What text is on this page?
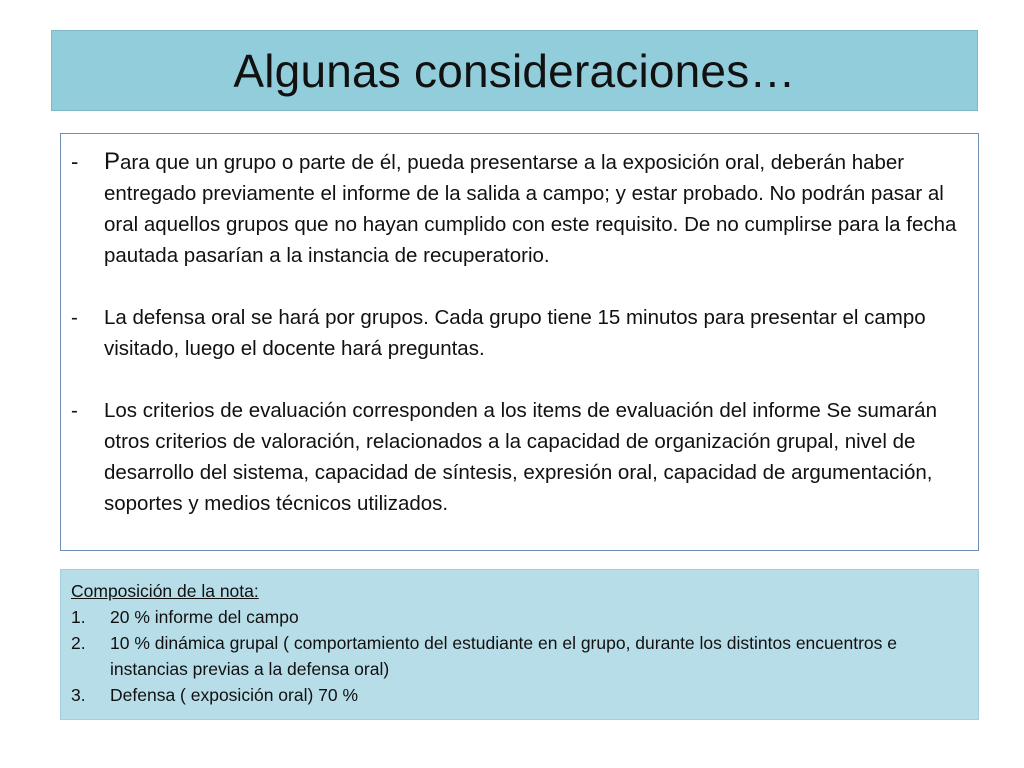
Algunas consideraciones…
-	Para que un grupo o parte de él, pueda presentarse a la exposición oral, deberán haber entregado previamente el informe de la salida a campo; y estar probado. No podrán pasar al oral aquellos grupos que no hayan cumplido con este requisito. De no cumplirse para la fecha pautada pasarían a la instancia de recuperatorio.
-	La defensa oral se hará por grupos. Cada grupo tiene 15 minutos para presentar el campo visitado, luego el docente hará preguntas.
-	Los criterios de evaluación corresponden a los items de evaluación del informe Se sumarán otros criterios de valoración, relacionados a la capacidad de organización grupal, nivel de desarrollo del sistema, capacidad de síntesis, expresión oral, capacidad de argumentación, soportes y medios técnicos utilizados.
Composición de la nota:
1. 20 % informe del campo
2. 10 % dinámica grupal ( comportamiento del estudiante en el grupo, durante los distintos encuentros e instancias previas a la defensa oral)
3. Defensa ( exposición oral) 70 %
